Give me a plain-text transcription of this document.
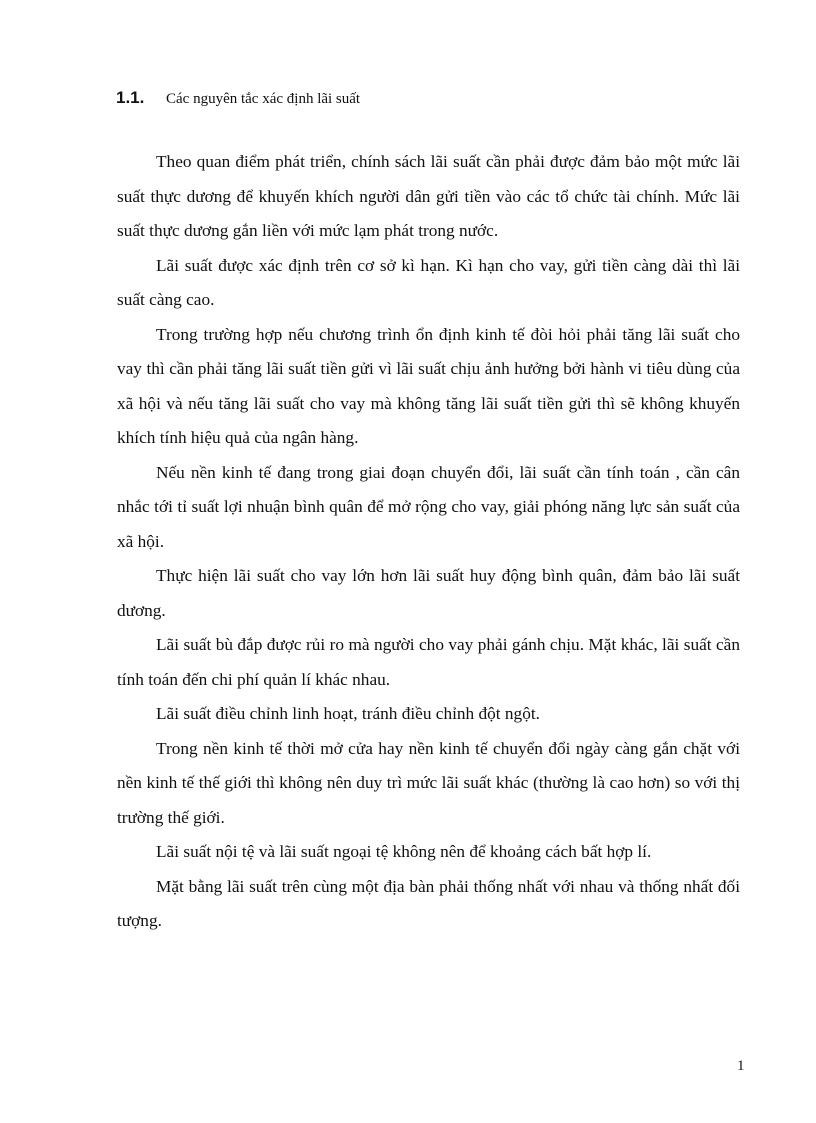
1.1.	Các nguyên tắc xác định lãi suất

Theo quan điểm phát triển, chính sách lãi suất cần phải được đảm bảo một mức lãi suất thực dương để khuyến khích người dân gửi tiền vào các tổ chức tài chính. Mức lãi suất thực dương gắn liền với mức lạm phát trong nước.

Lãi suất được xác định trên cơ sở kì hạn. Kì hạn cho vay, gửi tiền càng dài thì lãi suất càng cao.

Trong trường hợp nếu chương trình ổn định kinh tế đòi hỏi phải tăng lãi suất cho vay thì cần phải tăng lãi suất tiền gửi vì lãi suất chịu ảnh hưởng bởi hành vi tiêu dùng của xã hội và nếu tăng lãi suất cho vay mà không tăng lãi suất tiền gửi thì sẽ không khuyến khích tính hiệu quả của ngân hàng.

Nếu nền kinh tế đang trong giai đoạn chuyển đổi, lãi suất cần tính toán , cần cân nhắc tới tỉ suất lợi nhuận bình quân để mở rộng cho vay, giải phóng năng lực sản suất của xã hội.

Thực hiện lãi suất cho vay lớn hơn lãi suất huy động bình quân, đảm bảo lãi suất dương.

Lãi suất bù đắp được rủi ro mà người cho vay phải gánh chịu. Mặt khác, lãi suất cần tính toán đến chi phí quản lí khác nhau.

Lãi suất điều chỉnh linh hoạt, tránh điều chỉnh đột ngột.

Trong nền kinh tế thời mở cửa hay nền kinh tế chuyển đổi ngày càng gắn chặt với nền kinh tế thế giới thì không nên duy trì mức lãi suất khác (thường là cao hơn) so với thị trường thế giới.

Lãi suất nội tệ và lãi suất ngoại tệ không nên để khoảng cách bất hợp lí.

Mặt bằng lãi suất trên cùng một địa bàn phải thống nhất với nhau và thống nhất đối tượng.

1
